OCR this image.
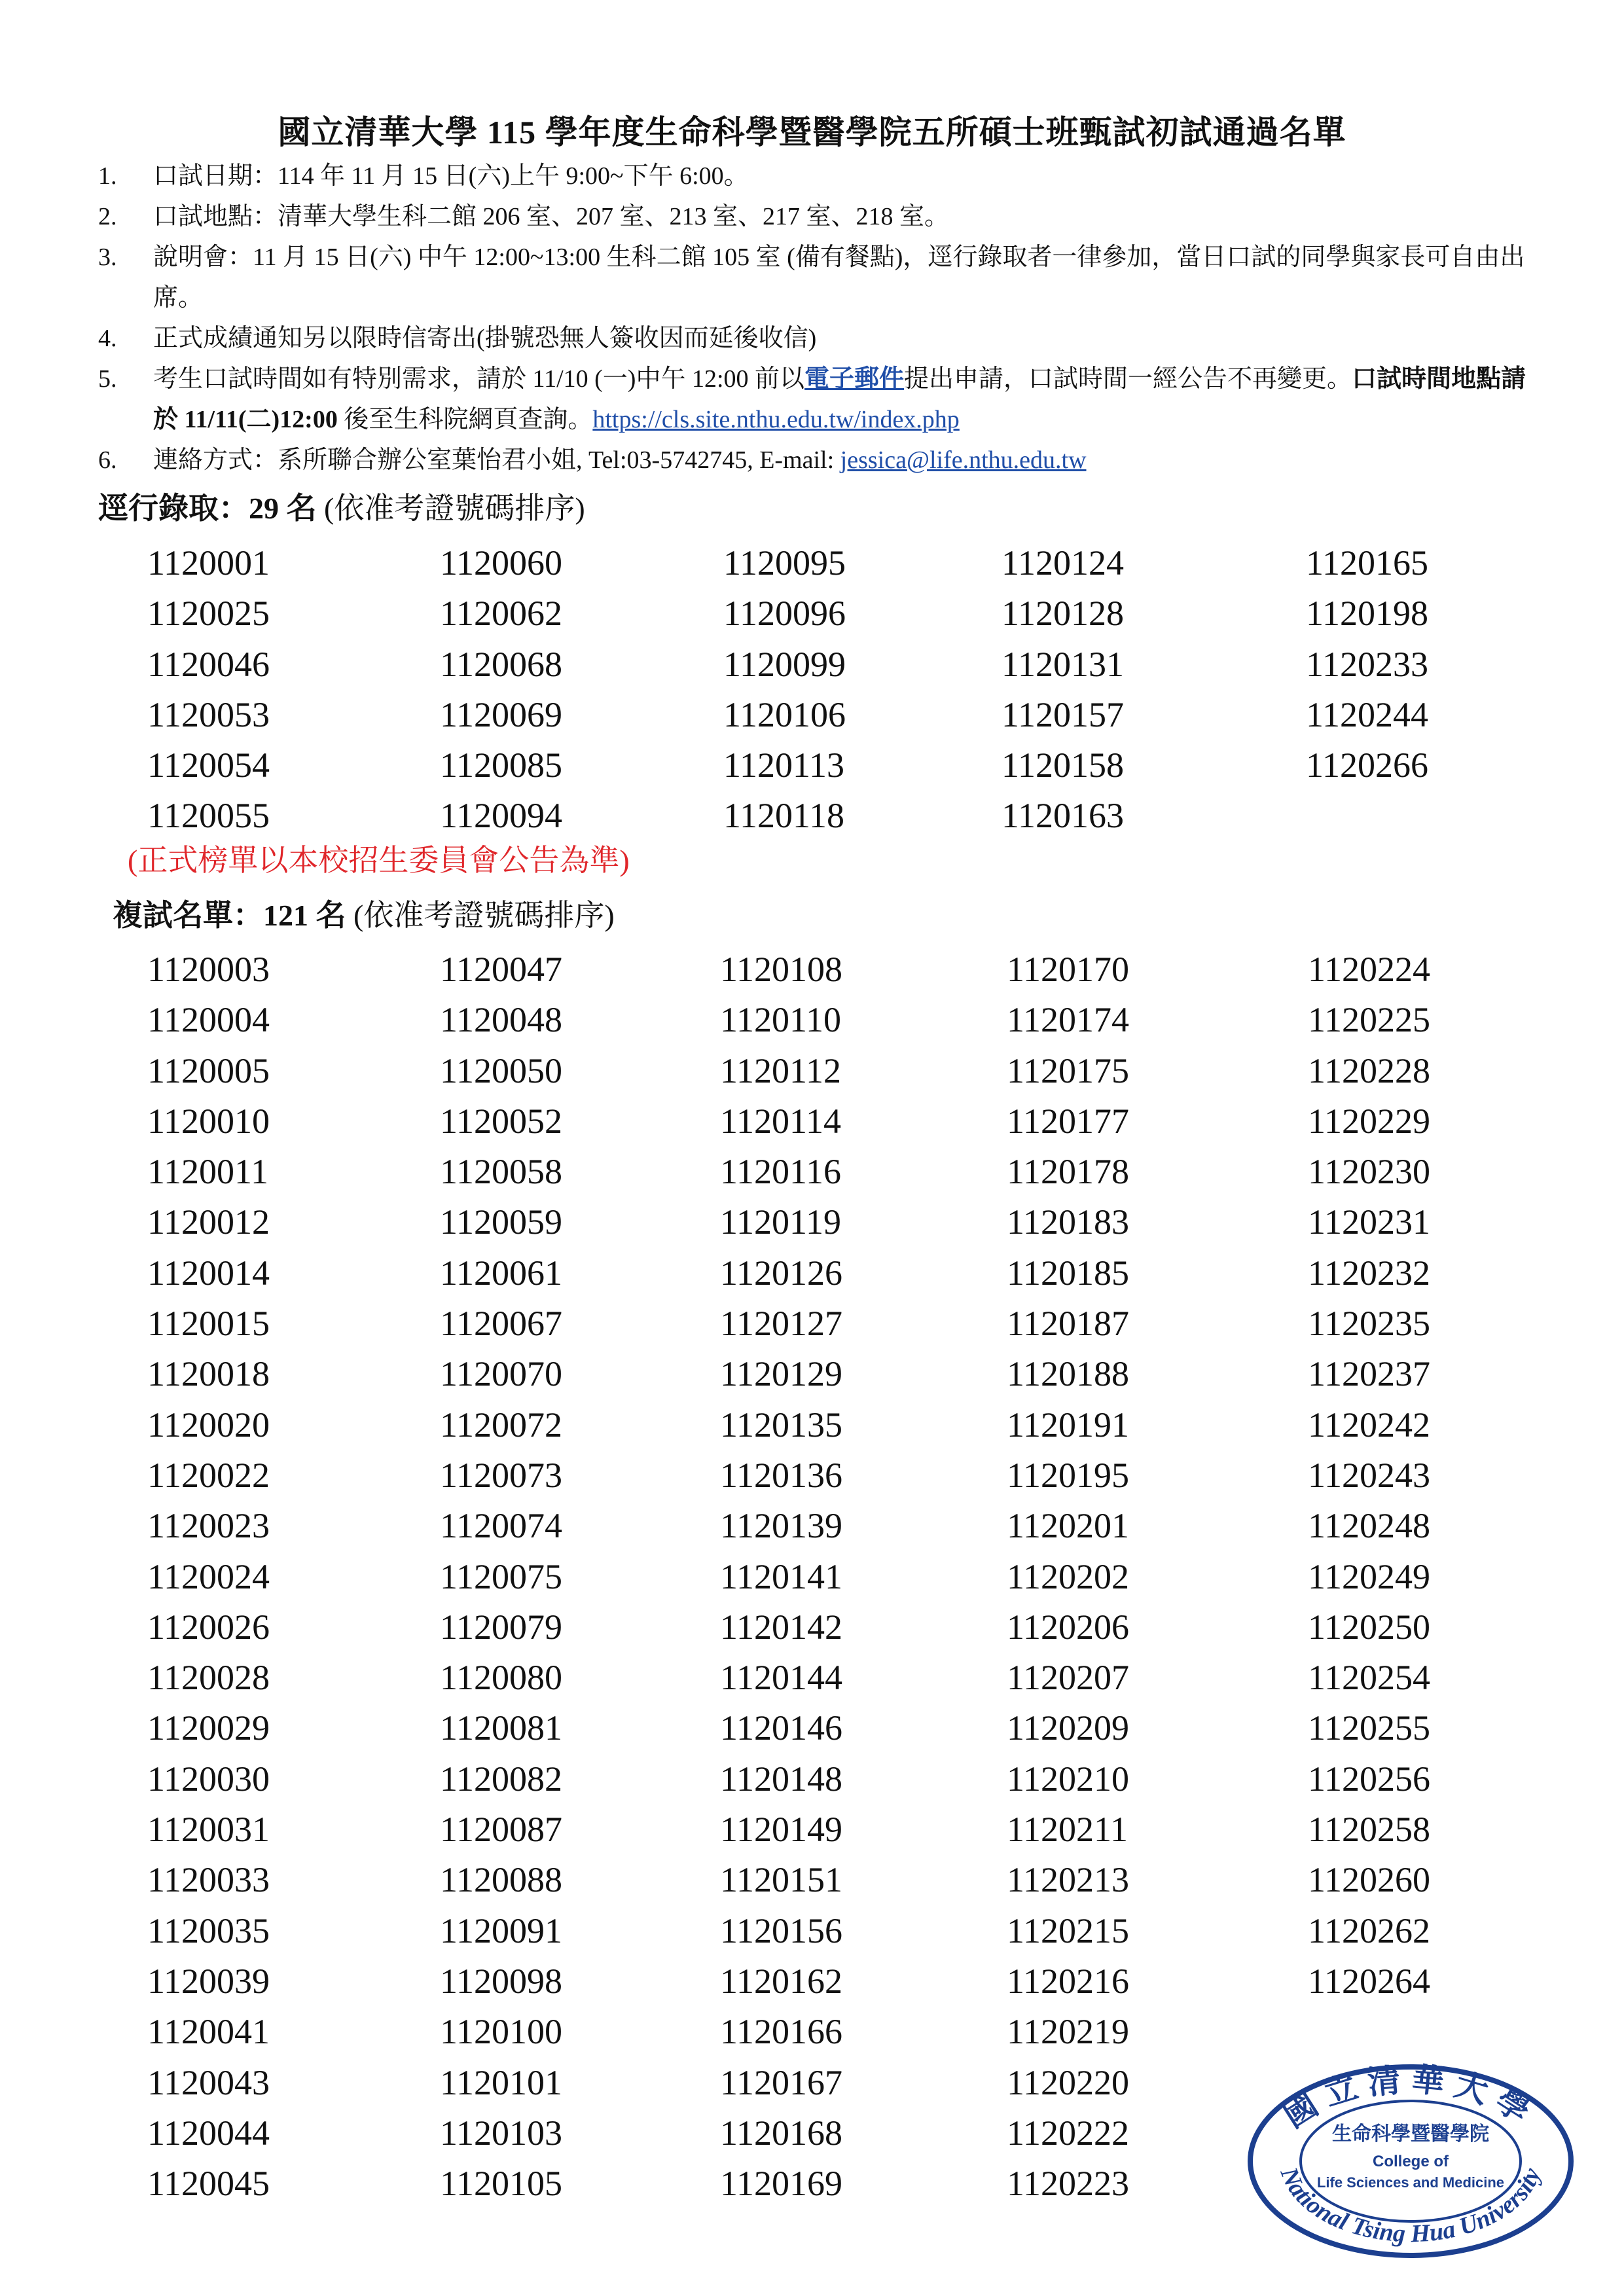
國立清華大學 115 學年度生命科學暨醫學院五所碩士班甄試初試通過名單
1.	口試日期：114 年 11 月 15 日(六)上午 9:00~下午 6:00。
2.	口試地點：清華大學生科二館 206 室、207 室、213 室、217 室、218 室。
3.	說明會：11 月 15 日(六) 中午 12:00~13:00 生科二館 105 室 (備有餐點)，逕行錄取者一律參加，當日口試的同學與家長可自由出席。
4.	正式成績通知另以限時信寄出(掛號恐無人簽收因而延後收信)
5.	考生口試時間如有特別需求，請於 11/10 (一)中午 12:00 前以電子郵件提出申請，口試時間一經公告不再變更。口試時間地點請於 11/11(二)12:00 後至生科院網頁查詢。https://cls.site.nthu.edu.tw/index.php
6.	連絡方式：系所聯合辦公室葉怡君小姐, Tel:03-5742745, E-mail: jessica@life.nthu.edu.tw
逕行錄取：29 名 (依准考證號碼排序)
1120001	1120060	1120095	1120124	1120165
1120025	1120062	1120096	1120128	1120198
1120046	1120068	1120099	1120131	1120233
1120053	1120069	1120106	1120157	1120244
1120054	1120085	1120113	1120158	1120266
1120055	1120094	1120118	1120163
(正式榜單以本校招生委員會公告為準)
複試名單：121 名 (依准考證號碼排序)
1120003	1120047	1120108	1120170	1120224
1120004	1120048	1120110	1120174	1120225
1120005	1120050	1120112	1120175	1120228
1120010	1120052	1120114	1120177	1120229
1120011	1120058	1120116	1120178	1120230
1120012	1120059	1120119	1120183	1120231
1120014	1120061	1120126	1120185	1120232
1120015	1120067	1120127	1120187	1120235
1120018	1120070	1120129	1120188	1120237
1120020	1120072	1120135	1120191	1120242
1120022	1120073	1120136	1120195	1120243
1120023	1120074	1120139	1120201	1120248
1120024	1120075	1120141	1120202	1120249
1120026	1120079	1120142	1120206	1120250
1120028	1120080	1120144	1120207	1120254
1120029	1120081	1120146	1120209	1120255
1120030	1120082	1120148	1120210	1120256
1120031	1120087	1120149	1120211	1120258
1120033	1120088	1120151	1120213	1120260
1120035	1120091	1120156	1120215	1120262
1120039	1120098	1120162	1120216	1120264
1120041	1120100	1120166	1120219
1120043	1120101	1120167	1120220
1120044	1120103	1120168	1120222
1120045	1120105	1120169	1120223
國立清華大學
National Tsing Hua University
生命科學暨醫學院
College of
Life Sciences and Medicine
